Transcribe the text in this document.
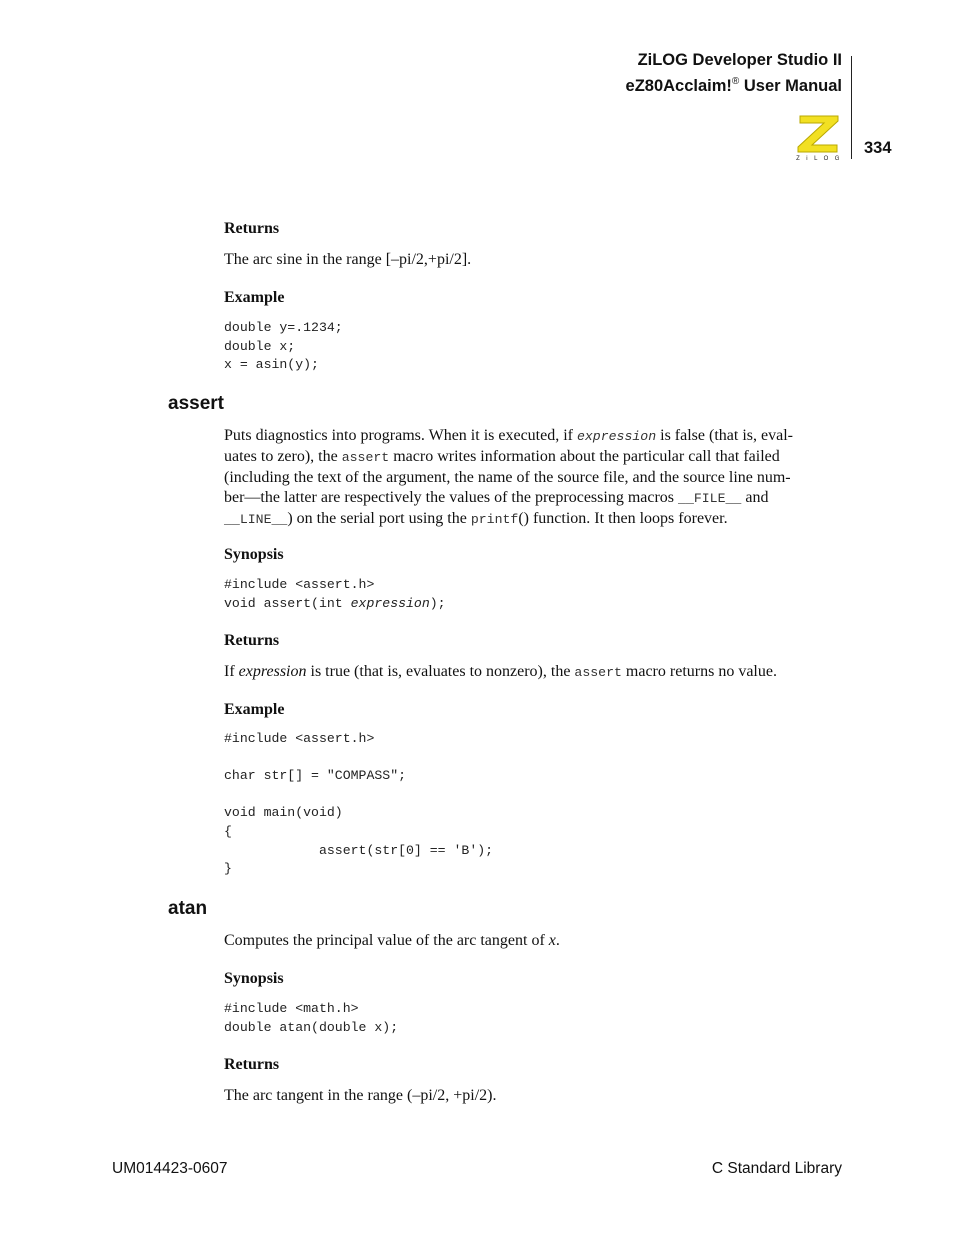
ZiLOG Developer Studio II
eZ80Acclaim!® User Manual
Z i L O G
334
Returns
The arc sine in the range [–pi/2,+pi/2].
Example
double y=.1234;
double x;
x = asin(y);
assert
Puts diagnostics into programs. When it is executed, if expression is false (that is, eval-
uates to zero), the assert macro writes information about the particular call that failed
(including the text of the argument, the name of the source file, and the source line num-
ber—the latter are respectively the values of the preprocessing macros __FILE__ and
__LINE__) on the serial port using the printf() function. It then loops forever.
Synopsis
#include <assert.h>
void assert(int expression);
Returns
If expression is true (that is, evaluates to nonzero), the assert macro returns no value.
Example
#include <assert.h>

char str[] = "COMPASS";

void main(void)
{
assert(str[0] == 'B');
}
atan
Computes the principal value of the arc tangent of x.
Synopsis
#include <math.h>
double atan(double x);
Returns
The arc tangent in the range (–pi/2, +pi/2).
UM014423-0607	C Standard Library
